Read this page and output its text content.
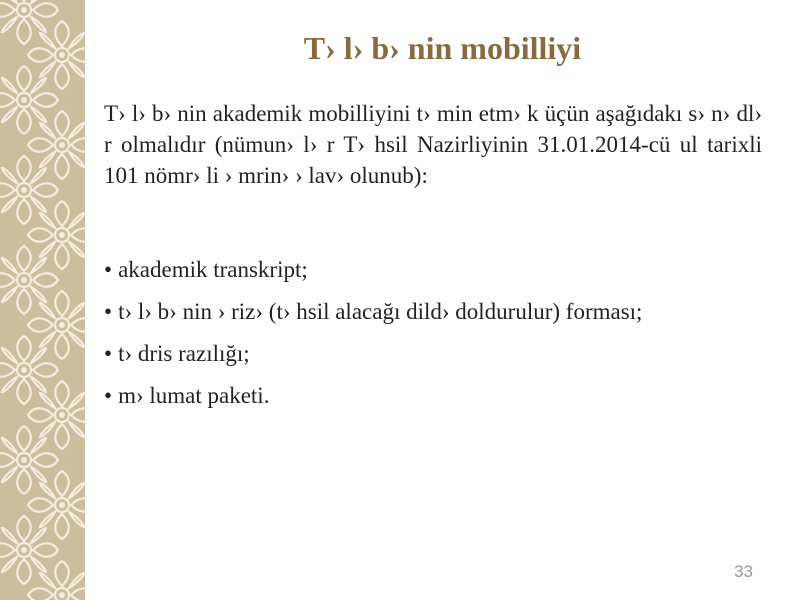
T› l› b› nin mobilliyi

T› l› b› nin akademik mobilliyini t› min etm› k üçün aşağıdakı s› n› dl› r olmalıdır (nümun› l› r T› hsil Nazirliyinin 31.01.2014-cü ul tarixli 101 nömr› li › mrin› › lav› olunub):

• akademik transkript;
• t› l› b› nin › riz› (t› hsil alacağı dild› doldurulur) forması;
• t› dris razılığı;
• m› lumat paketi.
33
